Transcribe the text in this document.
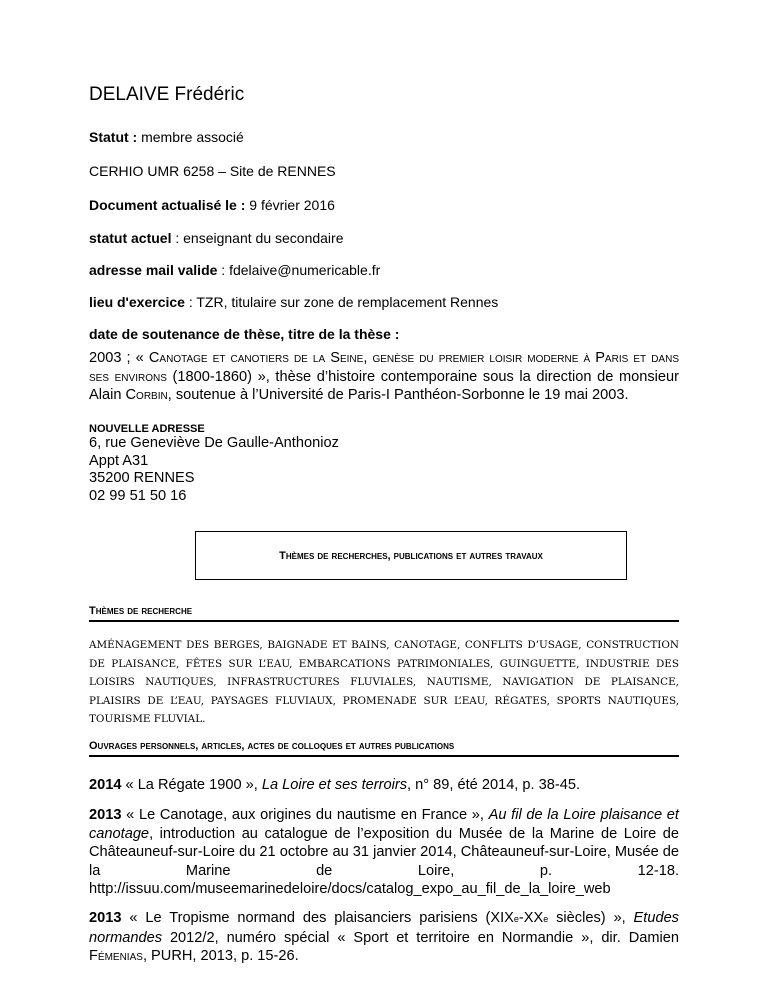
DELAIVE Frédéric
Statut : membre associé
CERHIO UMR 6258 – Site de RENNES
Document actualisé le : 9 février 2016
statut actuel : enseignant du secondaire
adresse mail valide : fdelaive@numericable.fr
lieu d'exercice : TZR, titulaire sur zone de remplacement Rennes
date de soutenance de thèse, titre de la thèse :
2003 ; « Canotage et canotiers de la Seine, genèse du premier loisir moderne à Paris et dans ses environs (1800-1860) », thèse d’histoire contemporaine sous la direction de monsieur Alain Corbin, soutenue à l’Université de Paris-I Panthéon-Sorbonne le 19 mai 2003.
NOUVELLE ADRESSE
6, rue Geneviève De Gaulle-Anthonioz
Appt A31
35200 RENNES
02 99 51 50 16
Thèmes de recherches, publications et autres travaux
Thèmes de recherche
AMÉNAGEMENT DES BERGES, BAIGNADE ET BAINS, CANOTAGE, CONFLITS D’USAGE, CONSTRUCTION DE PLAISANCE, FÊTES SUR L’EAU, EMBARCATIONS PATRIMONIALES, GUINGUETTE, INDUSTRIE DES LOISIRS NAUTIQUES, INFRASTRUCTURES FLUVIALES, NAUTISME, NAVIGATION DE PLAISANCE, PLAISIRS DE L’EAU, PAYSAGES FLUVIAUX, PROMENADE SUR L’EAU, RÉGATES, SPORTS NAUTIQUES, TOURISME FLUVIAL.
Ouvrages personnels, articles, actes de colloques et autres publications
2014 « La Régate 1900 », La Loire et ses terroirs, n° 89, été 2014, p. 38-45.
2013 « Le Canotage, aux origines du nautisme en France », Au fil de la Loire plaisance et canotage, introduction au catalogue de l’exposition du Musée de la Marine de Loire de Châteauneuf-sur-Loire du 21 octobre au 31 janvier 2014, Châteauneuf-sur-Loire, Musée de la Marine de Loire, p. 12-18. http://issuu.com/museemarinedeloire/docs/catalog_expo_au_fil_de_la_loire_web
2013 « Le Tropisme normand des plaisanciers parisiens (XIXe-XXe siècles) », Etudes normandes 2012/2, numéro spécial « Sport et territoire en Normandie », dir. Damien Fémenias, PURH, 2013, p. 15-26.
